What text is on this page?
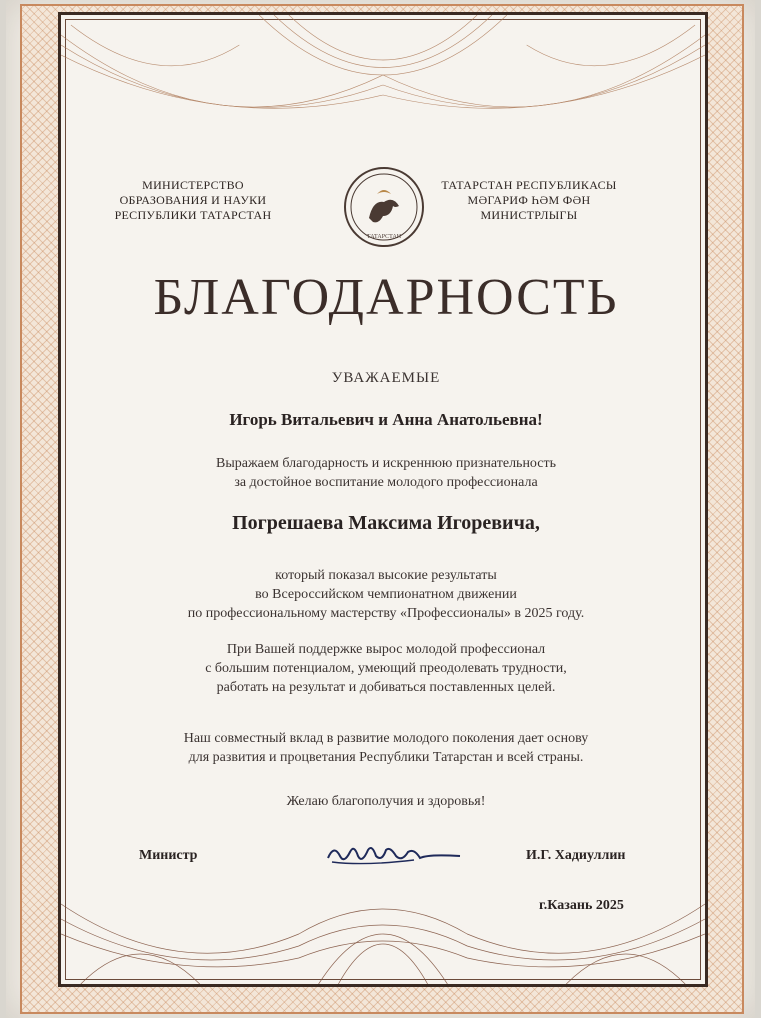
МИНИСТЕРСТВО
ОБРАЗОВАНИЯ И НАУКИ
РЕСПУБЛИКИ ТАТАРСТАН
ТАТАРСТАН
ТАТАРСТАН РЕСПУБЛИКАСЫ
МӘГАРИФ ҺӘМ ФӘН
МИНИСТРЛЫГЫ
БЛАГОДАРНОСТЬ
УВАЖАЕМЫЕ
Игорь Витальевич и Анна Анатольевна!
Выражаем благодарность и искреннюю признательность
за достойное воспитание молодого профессионала
Погрешаева Максима Игоревича,
который показал высокие результаты
во Всероссийском чемпионатном движении
по профессиональному мастерству «Профессионалы» в 2025 году.
При Вашей поддержке вырос молодой профессионал
с большим потенциалом, умеющий преодолевать трудности,
работать на результат и добиваться поставленных целей.
Наш совместный вклад в развитие молодого поколения дает основу
для развития и процветания Республики Татарстан и всей страны.
Желаю благополучия и здоровья!
Министр	И.Г. Хадиуллин
г.Казань 2025
